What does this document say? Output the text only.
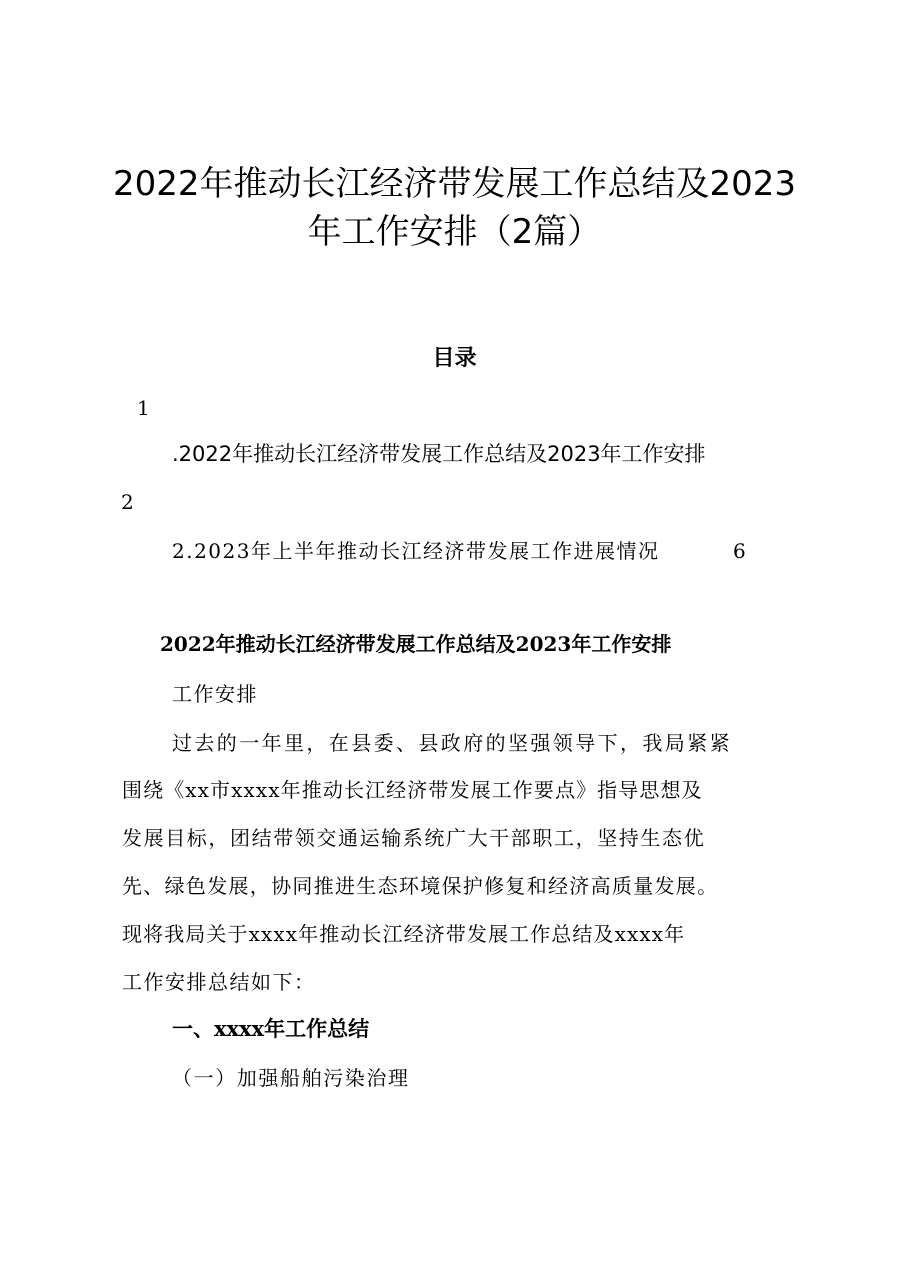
2022年推动长江经济带发展工作总结及2023
年工作安排（2篇）
目录
1
.2022年推动长江经济带发展工作总结及2023年工作安排
2
2.2023年上半年推动长江经济带发展工作进展情况	6
2022年推动长江经济带发展工作总结及2023年工作安排
工作安排
过去的一年里，在县委、县政府的坚强领导下，我局紧紧
围绕《xx市xxxx年推动长江经济带发展工作要点》指导思想及
发展目标，团结带领交通运输系统广大干部职工，坚持生态优
先、绿色发展，协同推进生态环境保护修复和经济高质量发展。
现将我局关于xxxx年推动长江经济带发展工作总结及xxxx年
工作安排总结如下：
一、xxxx年工作总结
（一）加强船舶污染治理
